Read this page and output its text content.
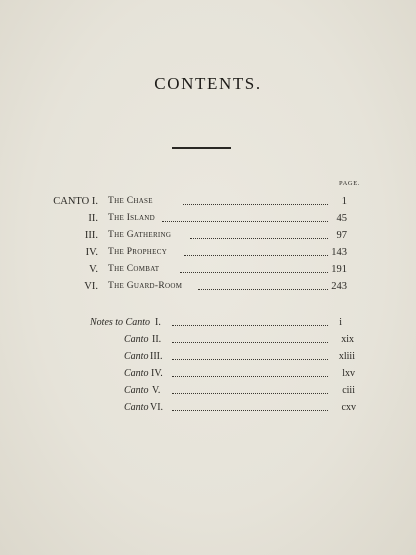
CONTENTS.
PAGE.
CANTO I. The Chase	1
II. The Island	45
III. The Gathering	97
IV. The Prophecy	143
V. The Combat	191
VI. The Guard-Room	243
Notes to Canto I.	i
Canto II.	xix
Canto III.	xliii
Canto IV.	lxv
Canto V.	ciii
Canto VI.	cxv
